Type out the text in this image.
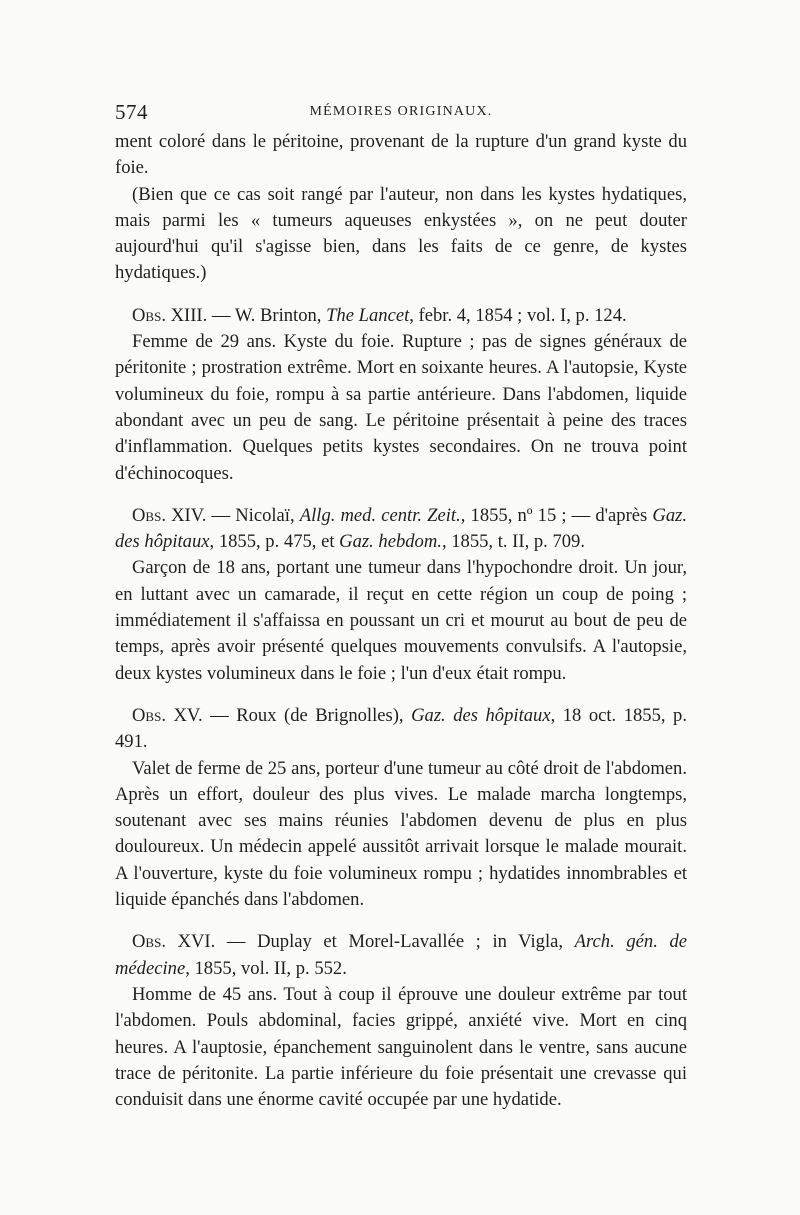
574	MÉMOIRES ORIGINAUX.

ment coloré dans le péritoine, provenant de la rupture d'un grand kyste du foie.

(Bien que ce cas soit rangé par l'auteur, non dans les kystes hydatiques, mais parmi les « tumeurs aqueuses enkystées », on ne peut douter aujourd'hui qu'il s'agisse bien, dans les faits de ce genre, de kystes hydatiques.)

Obs. XIII. — W. Brinton, The Lancet, febr. 4, 1854 ; vol. I, p. 124.

Femme de 29 ans. Kyste du foie. Rupture ; pas de signes généraux de péritonite ; prostration extrême. Mort en soixante heures. A l'autopsie, Kyste volumineux du foie, rompu à sa partie antérieure. Dans l'abdomen, liquide abondant avec un peu de sang. Le péritoine présentait à peine des traces d'inflammation. Quelques petits kystes secondaires. On ne trouva point d'échinocoques.

Obs. XIV. — Nicolaï, Allg. med. centr. Zeit., 1855, nº 15 ; — d'après Gaz. des hôpitaux, 1855, p. 475, et Gaz. hebdom., 1855, t. II, p. 709.

Garçon de 18 ans, portant une tumeur dans l'hypochondre droit. Un jour, en luttant avec un camarade, il reçut en cette région un coup de poing ; immédiatement il s'affaissa en poussant un cri et mourut au bout de peu de temps, après avoir présenté quelques mouvements convulsifs. A l'autopsie, deux kystes volumineux dans le foie ; l'un d'eux était rompu.

Obs. XV. — Roux (de Brignolles), Gaz. des hôpitaux, 18 oct. 1855, p. 491.

Valet de ferme de 25 ans, porteur d'une tumeur au côté droit de l'abdomen. Après un effort, douleur des plus vives. Le malade marcha longtemps, soutenant avec ses mains réunies l'abdomen devenu de plus en plus douloureux. Un médecin appelé aussitôt arrivait lorsque le malade mourait. A l'ouverture, kyste du foie volumineux rompu ; hydatides innombrables et liquide épanchés dans l'abdomen.

Obs. XVI. — Duplay et Morel-Lavallée ; in Vigla, Arch. gén. de médecine, 1855, vol. II, p. 552.

Homme de 45 ans. Tout à coup il éprouve une douleur extrême par tout l'abdomen. Pouls abdominal, facies grippé, anxiété vive. Mort en cinq heures. A l'auptosie, épanchement sanguinolent dans le ventre, sans aucune trace de péritonite. La partie inférieure du foie présentait une crevasse qui conduisit dans une énorme cavité occupée par une hydatide.
